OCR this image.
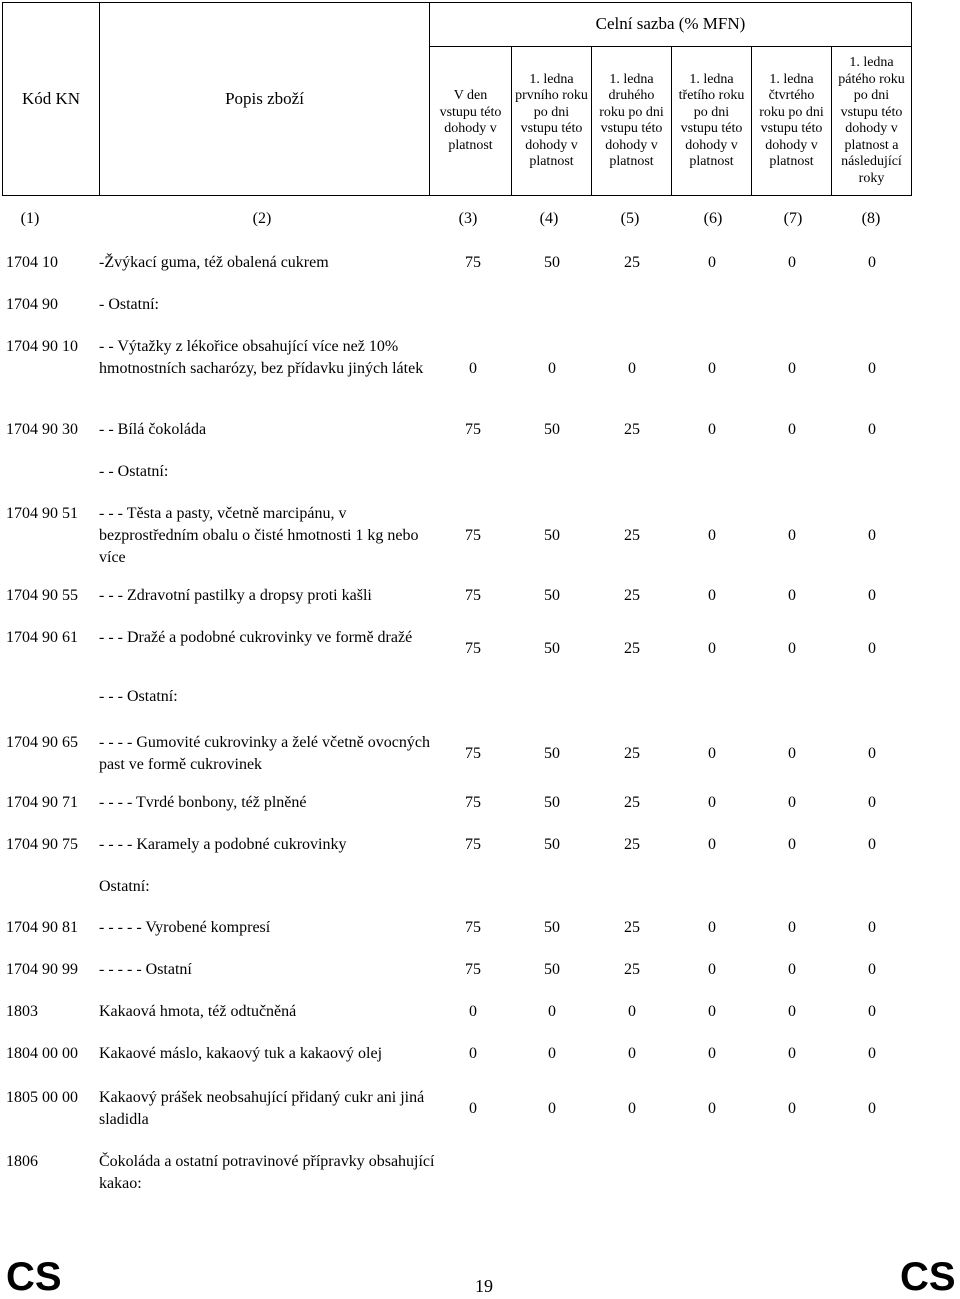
Kód KN	Popis zboží
Celní sazba (% MFN)
V den vstupu této dohody v platnost
1. ledna prvního roku po dni vstupu této dohody v platnost
1. ledna druhého roku po dni vstupu této dohody v platnost
1. ledna třetího roku po dni vstupu této dohody v platnost
1. ledna čtvrtého roku po dni vstupu této dohody v platnost
1. ledna pátého roku po dni vstupu této dohody v platnost a následující roky
(1)	(2)	(3)	(4)	(5)	(6)	(7)	(8)
1704 10	-Žvýkací guma, též obalená cukrem	75	50	25	0	0	0
1704 90	- Ostatní:
1704 90 10 - - Výtažky z lékořice obsahující více než 10% hmotnostních sacharózy, bez přídavku jiných látek	0	0	0	0	0	0
1704 90 30 - - Bílá čokoláda	75	50	25	0	0	0
- - Ostatní:
1704 90 51 - - - Těsta a pasty, včetně marcipánu, v bezprostředním obalu o čisté hmotnosti 1 kg nebo více
75	50	25	0	0	0
1704 90 55 - - - Zdravotní pastilky a dropsy proti kašli	75	50	25	0	0	0
1704 90 61 - - - Dražé a podobné cukrovinky ve formě dražé
75	50	25	0	0	0
- - - Ostatní:
1704 90 65 - - - - Gumovité cukrovinky a želé včetně ovocných past ve formě cukrovinek
75	50	25	0	0	0
1704 90 71 - - - - Tvrdé bonbony, též plněné	75	50	25	0	0	0
1704 90 75 - - - - Karamely a podobné cukrovinky	75	50	25	0	0	0
Ostatní:
1704 90 81 - - - - - Vyrobené kompresí	75	50	25	0	0	0
1704 90 99 - - - - - Ostatní	75	50	25	0	0	0
1803	Kakaová hmota, též odtučněná	0	0	0	0	0	0
1804 00 00 Kakaové máslo, kakaový tuk a kakaový olej	0	0	0	0	0	0
1805 00 00 Kakaový prášek neobsahující přidaný cukr ani jiná sladidla
0	0	0	0	0	0
1806	Čokoláda a ostatní potravinové přípravky obsahující kakao:
CS	19	CS
